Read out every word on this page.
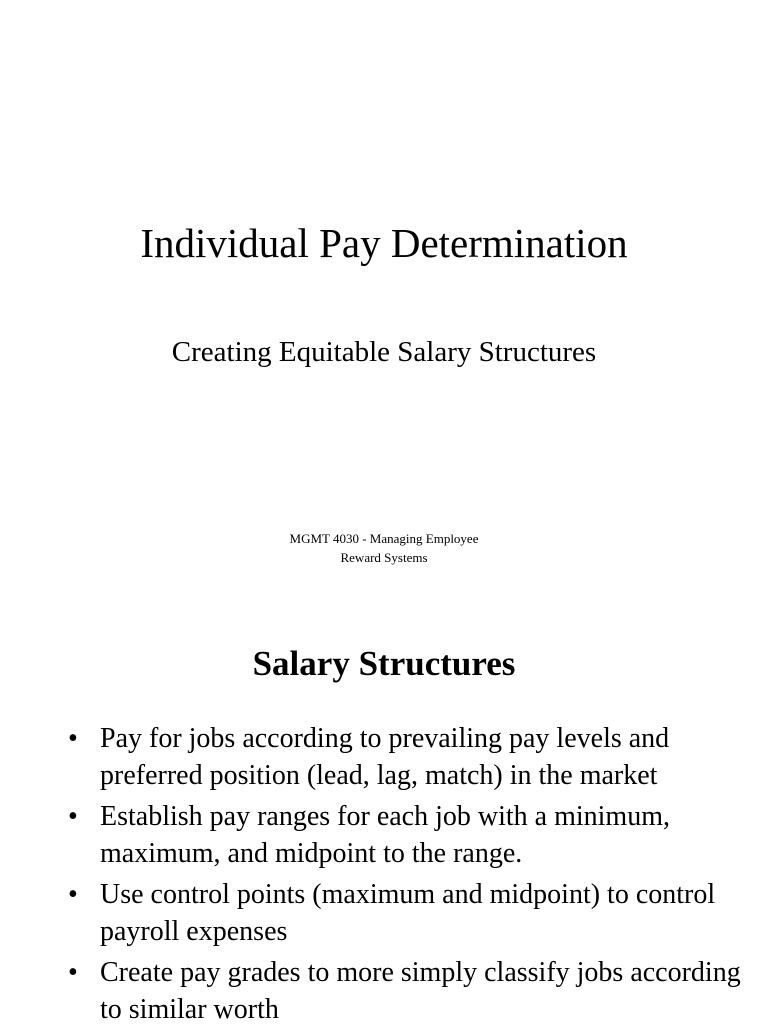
Individual Pay Determination
Creating Equitable Salary Structures
MGMT 4030 - Managing Employee
Reward Systems
Salary Structures
• Pay for jobs according to prevailing pay levels and preferred position (lead, lag, match) in the market
• Establish pay ranges for each job with a minimum, maximum, and midpoint to the range.
• Use control points (maximum and midpoint) to control payroll expenses
• Create pay grades to more simply classify jobs according to similar worth
